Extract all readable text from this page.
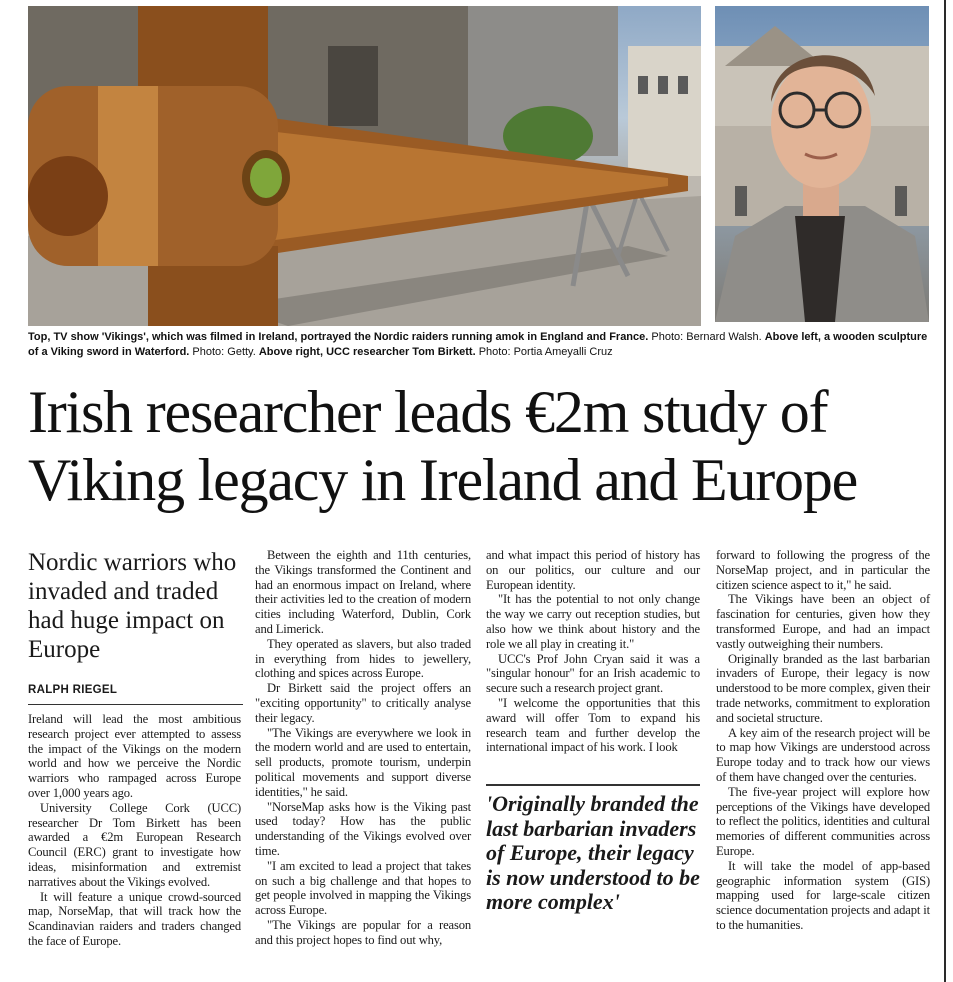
Top, TV show 'Vikings', which was filmed in Ireland, portrayed the Nordic raiders running amok in England and France. Photo: Bernard Walsh. Above left, a wooden sculpture of a Viking sword in Waterford. Photo: Getty. Above right, UCC researcher Tom Birkett. Photo: Portia Ameyalli Cruz
Irish researcher leads €2m study of Viking legacy in Ireland and Europe
Nordic warriors who invaded and traded had huge impact on Europe
RALPH RIEGEL

Ireland will lead the most ambitious research project ever attempted to assess the impact of the Vikings on the modern world and how we perceive the Nordic warriors who rampaged across Europe over 1,000 years ago.

University College Cork (UCC) researcher Dr Tom Birkett has been awarded a €2m European Research Council (ERC) grant to investigate how ideas, misinformation and extremist narratives about the Vikings evolved.

It will feature a unique crowd-sourced map, NorseMap, that will track how the Scandinavian raiders and traders changed the face of Europe.

Between the eighth and 11th centuries, the Vikings transformed the Continent and had an enormous impact on Ireland, where their activities led to the creation of modern cities including Waterford, Dublin, Cork and Limerick.

They operated as slavers, but also traded in everything from hides to jewellery, clothing and spices across Europe.

Dr Birkett said the project offers an "exciting opportunity" to critically analyse their legacy.

"The Vikings are everywhere we look in the modern world and are used to entertain, sell products, promote tourism, underpin political movements and support diverse identities," he said.

"NorseMap asks how is the Viking past used today? How has the public understanding of the Vikings evolved over time.

"I am excited to lead a project that takes on such a big challenge and that hopes to get people involved in mapping the Vikings across Europe.

"The Vikings are popular for a reason and this project hopes to find out why,

and what impact this period of history has on our politics, our culture and our European identity.

"It has the potential to not only change the way we carry out reception studies, but also how we think about history and the role we all play in creating it."

UCC's Prof John Cryan said it was a "singular honour" for an Irish academic to secure such a research project grant.

"I welcome the opportunities that this award will offer Tom to expand his research team and further develop the international impact of his work. I look

'Originally branded the last barbarian invaders of Europe, their legacy is now understood to be more complex'

forward to following the progress of the NorseMap project, and in particular the citizen science aspect to it," he said.

The Vikings have been an object of fascination for centuries, given how they transformed Europe, and had an impact vastly outweighing their numbers.

Originally branded as the last barbarian invaders of Europe, their legacy is now understood to be more complex, given their trade networks, commitment to exploration and societal structure.

A key aim of the research project will be to map how Vikings are understood across Europe today and to track how our views of them have changed over the centuries.

The five-year project will explore how perceptions of the Vikings have developed to reflect the politics, identities and cultural memories of different communities across Europe.

It will take the model of app-based geographic information system (GIS) mapping used for large-scale citizen science documentation projects and adapt it to the humanities.
